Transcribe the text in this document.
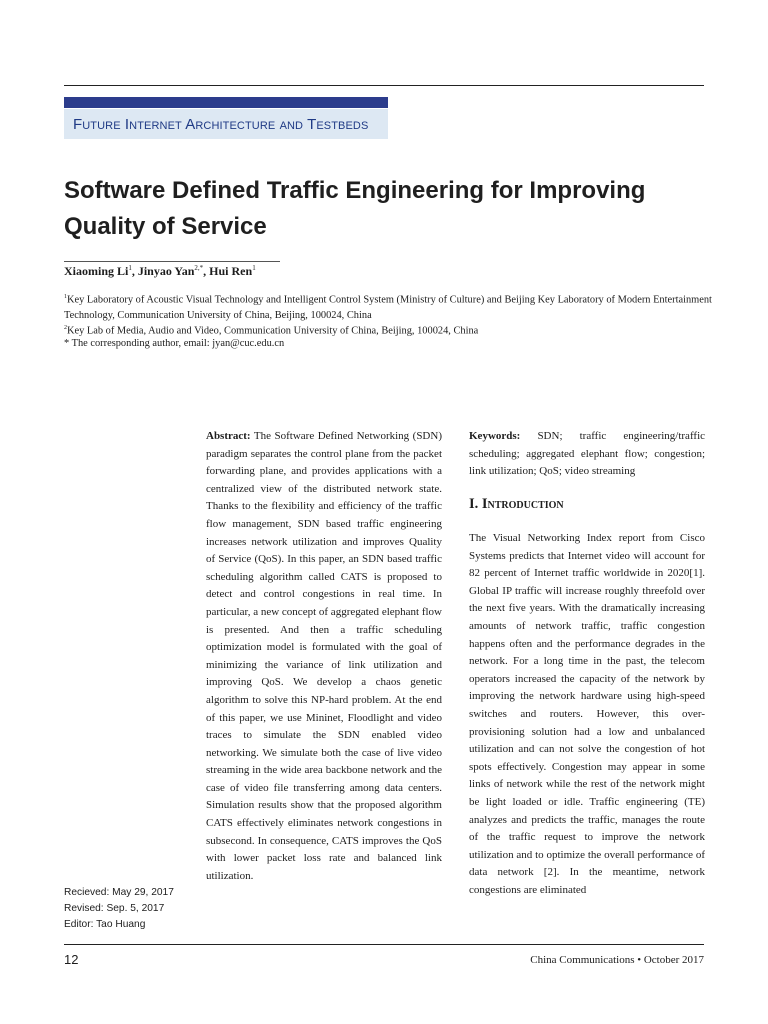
Future Internet Architecture and Testbeds
Software Defined Traffic Engineering for Improving Quality of Service
Xiaoming Li$^1$, Jinyao Yan$^{2,*}$, Hui Ren$^1$
$^1$Key Laboratory of Acoustic Visual Technology and Intelligent Control System (Ministry of Culture) and Beijing Key Laboratory of Modern Entertainment Technology, Communication University of China, Beijing, 100024, China
$^2$Key Lab of Media, Audio and Video, Communication University of China, Beijing, 100024, China
* The corresponding author, email: jyan@cuc.edu.cn
Abstract: The Software Defined Networking (SDN) paradigm separates the control plane from the packet forwarding plane, and provides applications with a centralized view of the distributed network state. Thanks to the flexibility and efficiency of the traffic flow management, SDN based traffic engineering increases network utilization and improves Quality of Service (QoS). In this paper, an SDN based traffic scheduling algorithm called CATS is proposed to detect and control congestions in real time. In particular, a new concept of aggregated elephant flow is presented. And then a traffic scheduling optimization model is formulated with the goal of minimizing the variance of link utilization and improving QoS. We develop a chaos genetic algorithm to solve this NP-hard problem. At the end of this paper, we use Mininet, Floodlight and video traces to simulate the SDN enabled video networking. We simulate both the case of live video streaming in the wide area backbone network and the case of video file transferring among data centers. Simulation results show that the proposed algorithm CATS effectively eliminates network congestions in subsecond. In consequence, CATS improves the QoS with lower packet loss rate and balanced link utilization.
Keywords: SDN; traffic engineering/traffic scheduling; aggregated elephant flow; congestion; link utilization; QoS; video streaming
I. Introduction
The Visual Networking Index report from Cisco Systems predicts that Internet video will account for 82 percent of Internet traffic worldwide in 2020[1]. Global IP traffic will increase roughly threefold over the next five years. With the dramatically increasing amounts of network traffic, traffic congestion happens often and the performance degrades in the network. For a long time in the past, the telecom operators increased the capacity of the network by improving the network hardware using high-speed switches and routers. However, this over-provisioning solution had a low and unbalanced utilization and can not solve the congestion of hot spots effectively. Congestion may appear in some links of network while the rest of the network might be light loaded or idle. Traffic engineering (TE) analyzes and predicts the traffic, manages the route of the traffic request to improve the network utilization and to optimize the overall performance of data network [2]. In the meantime, network congestions are eliminated
Recieved: May 29, 2017
Revised: Sep. 5, 2017
Editor: Tao Huang
12	China Communications • October 2017
